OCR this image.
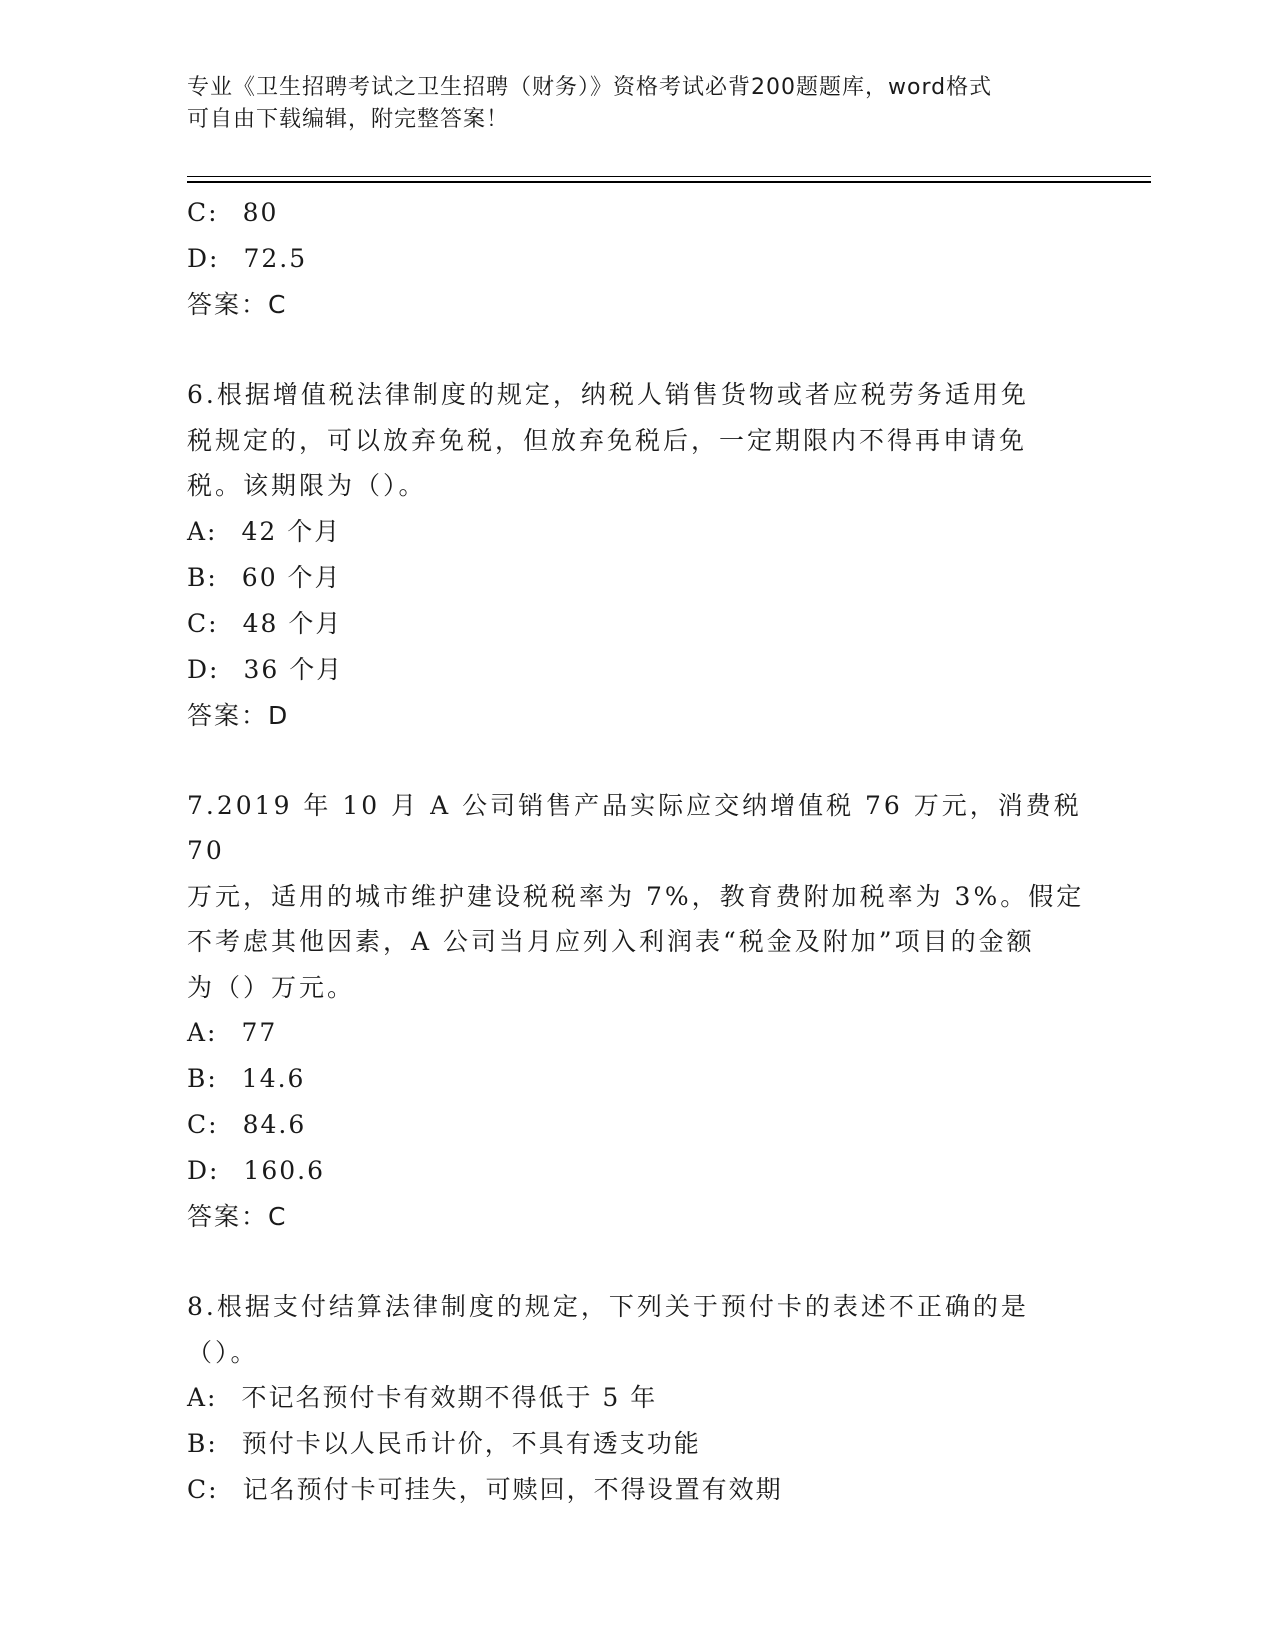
专业《卫生招聘考试之卫生招聘（财务）》资格考试必背200题题库，word格式
可自由下载编辑，附完整答案！
C: 80
D: 72.5
答案：C
6.根据增值税法律制度的规定，纳税人销售货物或者应税劳务适用免
税规定的，可以放弃免税，但放弃免税后，一定期限内不得再申请免
税。该期限为（）。
A: 42 个月
B: 60 个月
C: 48 个月
D: 36 个月
答案：D
7.2019 年 10 月 A 公司销售产品实际应交纳增值税 76 万元，消费税 70
万元，适用的城市维护建设税税率为 7%，教育费附加税率为 3%。假定
不考虑其他因素，A 公司当月应列入利润表“税金及附加”项目的金额
为（）万元。
A: 77
B: 14.6
C: 84.6
D: 160.6
答案：C
8.根据支付结算法律制度的规定，下列关于预付卡的表述不正确的是
（）。
A: 不记名预付卡有效期不得低于 5 年
B: 预付卡以人民币计价，不具有透支功能
C: 记名预付卡可挂失，可赎回，不得设置有效期
